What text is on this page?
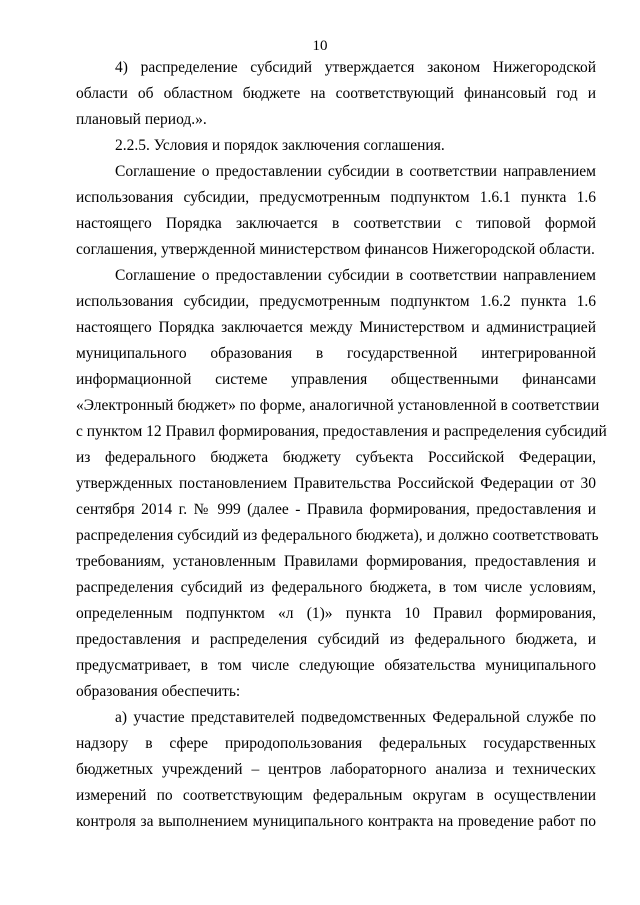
10
4) распределение субсидий утверждается законом Нижегородской
области об областном бюджете на соответствующий финансовый год и
плановый период.».
2.2.5. Условия и порядок заключения соглашения.
Соглашение о предоставлении субсидии в соответствии направлением
использования субсидии, предусмотренным подпунктом 1.6.1 пункта 1.6
настоящего Порядка заключается в соответствии с типовой формой
соглашения, утвержденной министерством финансов Нижегородской области.
Соглашение о предоставлении субсидии в соответствии направлением
использования субсидии, предусмотренным подпунктом 1.6.2 пункта 1.6
настоящего Порядка заключается между Министерством и администрацией
муниципального образования в государственной интегрированной
информационной системе управления общественными финансами
«Электронный бюджет» по форме, аналогичной установленной в соответствии
с пунктом 12 Правил формирования, предоставления и распределения субсидий
из федерального бюджета бюджету субъекта Российской Федерации,
утвержденных постановлением Правительства Российской Федерации от 30
сентября 2014 г. № 999 (далее - Правила формирования, предоставления и
распределения субсидий из федерального бюджета), и должно соответствовать
требованиям, установленным Правилами формирования, предоставления и
распределения субсидий из федерального бюджета, в том числе условиям,
определенным подпунктом «л (1)» пункта 10 Правил формирования,
предоставления и распределения субсидий из федерального бюджета, и
предусматривает, в том числе следующие обязательства муниципального
образования обеспечить:
а) участие представителей подведомственных Федеральной службе по
надзору в сфере природопользования федеральных государственных
бюджетных учреждений – центров лабораторного анализа и технических
измерений по соответствующим федеральным округам в осуществлении
контроля за выполнением муниципального контракта на проведение работ по
